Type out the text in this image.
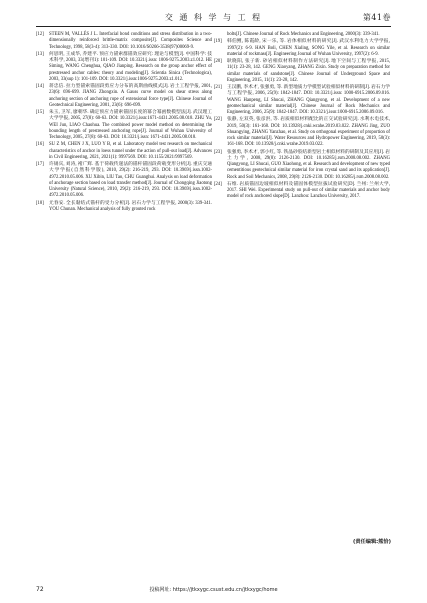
交 通 科 学 与 工 程	第41卷
[12] STEEN M, VALLÉS J L. Interfacial bond conditions and stress distribution in a two-dimensionally reinforced brittle-matrix composite[J]. Composites Science and Technology, 1998, 58(3-4): 313-330. DOI: 10.1016/S0266-3538(97)00069-9.
[13] 何思明, 王成华, 乔建平. 预应力锚索群锚效应研究: 理论与模型[J]. 中国科学: 技术科学, 2003, 33(增刊1): 101-109. DOI: 10.3321/j.issn: 1006-9275.2003.z1.012. HE Siming, WANG Chenghua, QIAO Jianping. Research on the group anchor effect of prestressed anchor cables: theory and modeling[J]. Scientia Sinica (Technologica), 2003, 33(sup 1): 101-109. DOI: 10.3321/j.issn:1006-9275.2003.z1.012.
[14] 蒋忠信. 拉力型锚索锚固段剪应力分布的高斯曲线模式[J]. 岩土工程学报, 2001, 23(6): 696-699. JIANG Zhongxin. A Gauss curve model on shear stress along anchoring section of anchoring rope of extensional force type[J]. Chinese Journal of Geotechnical Engineering, 2001, 23(6): 696-699.
[15] 朱玉, 卫军, 廖朝华. 确定预应力锚索锚固长度的幂合幂函数模型法[J]. 武汉理工大学学报, 2005, 27(8): 60-63. DOI: 10.3321/j.issn:1671-4431.2005.08.018. ZHU Yu, WEI Jun, LIAO Chaohua. The combined power model method on determining the bounding length of prestressed anchoring rope[J]. Journal of Wuhan University of Technology, 2005, 27(8): 60-63. DOI: 10.3321/j.issn: 1671-4431.2005.08.018.
[16] SU Z M, CHEN J X, LUO Y B, et al. Laboratory model test research on mechanical characteristics of anchor in loess tunnel under the action of pull-out load[J]. Advances in Civil Engineering, 2021, 2021(1): 9997569. DOI: 10.1155/2021/9997569.
[17] 许锡宾, 刘涛, 褚广辉. 基于荷载传递法的锚杆锚固段荷载变形分析[J]. 重庆交通大学学报(自然科学版), 2010, 29(2): 216-219, 293. DOI: 10.3969/j.issn.1002-4972.2010.05.006. XU Xibin, LIU Tao, CHU Guanghui. Analysis on load deformation of anchorage section based on load transfer method[J]. Journal of Chongqing Jiaotong University (Natural Science), 2010, 29(2): 216-219, 293. DOI: 10.3969/j.issn.1002-4972.2010.05.006.
[18] 尤春安. 全长黏结式锚杆的受力分析[J]. 岩石力学与工程学报, 2000(3): 339-341. YOU Chunan. Mechanical analysis of fully grouted rock
bolts[J]. Chinese Journal of Rock Mechanics and Engineering, 2000(3): 339-341.
[19] 韩伯鲤, 陈霞龄, 宋一乐, 等. 岩体相似材料的研究[J]. 武汉水利电力大学学报, 1997(2): 6-9. HAN Boli, CHEN Xialing, SONG Yile, et al. Research on similar material of rockmass[J]. Engineering Journal of Wuhan University, 1997(2): 6-9.
[20] 耿晓阳, 张子新. 砂岩相似材料制作方法研究[J]. 地下空间与工程学报, 2015, 11(1): 23-28, 142. GENG Xiaoyang, ZHANG Zixin. Study on preparation method for similar materials of sandstone[J]. Chinese Journal of Underground Space and Engineering, 2015, 11(1): 23-28, 142.
[21] 王汉鹏, 李术才, 张强勇, 等. 新型地质力学模型试验相似材料的研制[J]. 岩石力学与工程学报, 2006, 25(9): 1842-1847. DOI: 10.3321/j.issn: 1000-6915.2006.09.016. WANG Hanpeng, LI Shucai, ZHANG Qiangyong, et al. Development of a new geomechanical similar material[J]. Chinese Journal of Rock Mechanics and Engineering, 2006, 25(9): 1842-1847. DOI: 10.3321/j.issn:1000-6915.2006.09.016.
[22] 张静, 左双英, 张彦洪, 等. 岩质相似材料配比的正交试验研究[J]. 水利水电技术, 2019, 50(3): 161-168. DOI: 10.13928/j.cnki.wrahe.2019.03.022. ZHANG Jing, ZUO Shuangying, ZHANG Yanzhao, et al. Study on orthogonal experiment of proportion of rock similar material[J]. Water Resources and Hydropower Engineering, 2019, 50(3): 161-168. DOI: 10.13928/j.cnki.wrahe.2019.03.022.
[23] 张强勇, 李术才, 郭小红, 等. 铁晶砂胶结新型岩土相似材料的研制及其应用[J]. 岩土力学, 2008, 29(8): 2126-2130. DOI: 10.16285/j.rsm.2008.08.002. ZHANG Qiangyong, LI Shucai, GUO Xiaohong, et al. Research and development of new typed cementitious geotechnical similar material for iron crystal sand and its application[J]. Rock and Soil Mechanics, 2008, 29(8): 2126-2130. DOI: 10.16285/j.rsm.2008.08.002.
[24] 石维. 岩质锚固边坡相似材料及锚固体模型拉拔试验研究[D]. 兰州: 兰州大学, 2017. SHI Wei. Experimental study on pull-out of similar materials and anchor body model of rock anchored slope[D]. Lanzhou: Lanzhou University, 2017.
(责任编辑:熊恰)
72	投稿网址: https://jtkxygc.csust.edu.cn/jtkxygc/home
